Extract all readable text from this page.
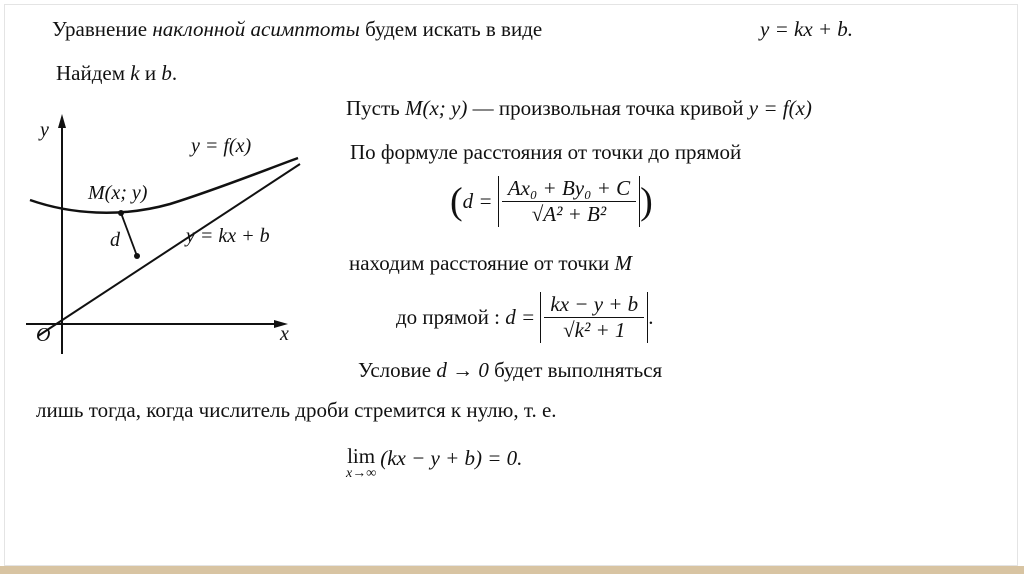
Уравнение наклонной асимптоты будем искать в виде	y = kx + b.
Найдем k и b.
y
x
O
y = f(x)
M(x; y)
d	y = kx + b
Пусть M(x; y) — произвольная точка кривой y = f(x)
По формуле расстояния от точки до прямой
($d = \frac{\text{Ax₀ + By₀ + C}}{\text{√A² + B²}}$ )
находим расстояние от точки M
до прямой : $d = \frac{kx - y + b}{\text{√k² + 1}}$ .
Условие d → 0 будет выполняться
лишь тогда, когда числитель дроби стремится к нулю, т. е.
lim
x→∞
(kx − y + b) = 0.
